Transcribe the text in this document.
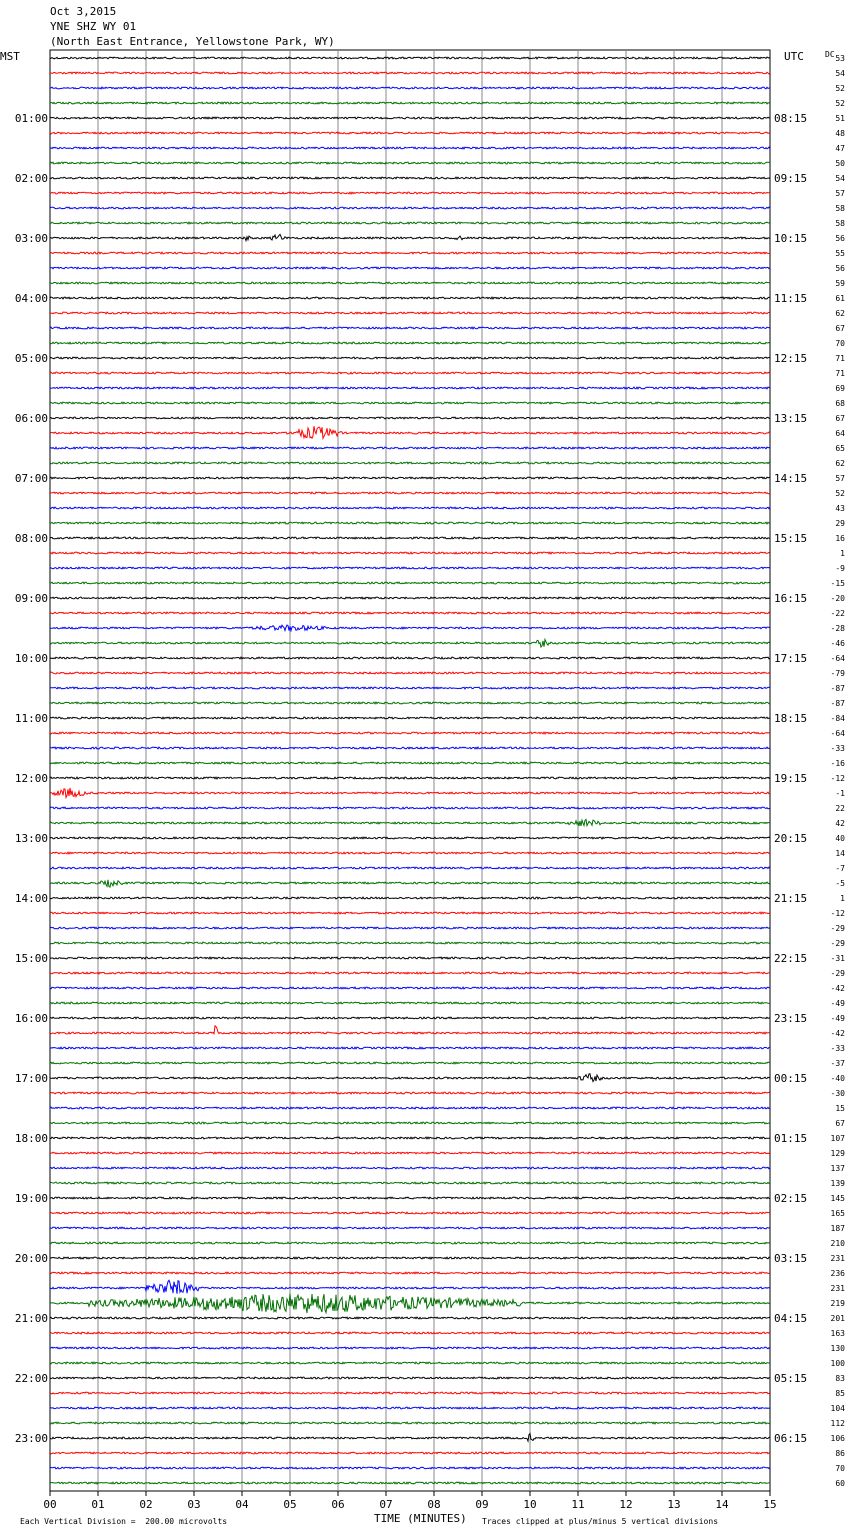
Oct 3,2015
YNE SHZ WY 01
(North East Entrance, Yellowstone Park, WY)
MST	UTC	DC 53
54
52
52
51
48
47
50
54
57
58
58
56
55
56
59
61
62
67
70
71
71
69
68
67
64
65
62
57
52
43
29
16
1
-9
-15
-20
-22
-28
-46
-64
-79
-87
-87
-84
-64
-33
-16
-12
-1
22
42
40
14
-7
-5
1
-12
-29
-29
-31
-29
-42
-49
-49
-42
-33
-37
-40
-30
15
67
107
129
137
139
145
165
187
210
231
236
231
219
201
163
130
100
83
85
104
112
106
86
70
60
01:00
02:00
03:00
04:00
05:00
06:00
07:00
08:00
09:00
10:00
11:00
12:00
13:00
14:00
15:00
16:00
17:00
18:00
19:00
20:00
21:00
22:00
23:00
08:15
09:15
10:15
11:15
12:15
13:15
14:15
15:15
16:15
17:15
18:15
19:15
20:15
21:15
22:15
23:15
00:15
01:15
02:15
03:15
04:15
05:15
06:15
00	01	02	03	04	05	06	07	08	09	10	11	12	13	14	15
TIME (MINUTES)
Each Vertical Division =  200.00 microvolts	Traces clipped at plus/minus 5 vertical divisions
